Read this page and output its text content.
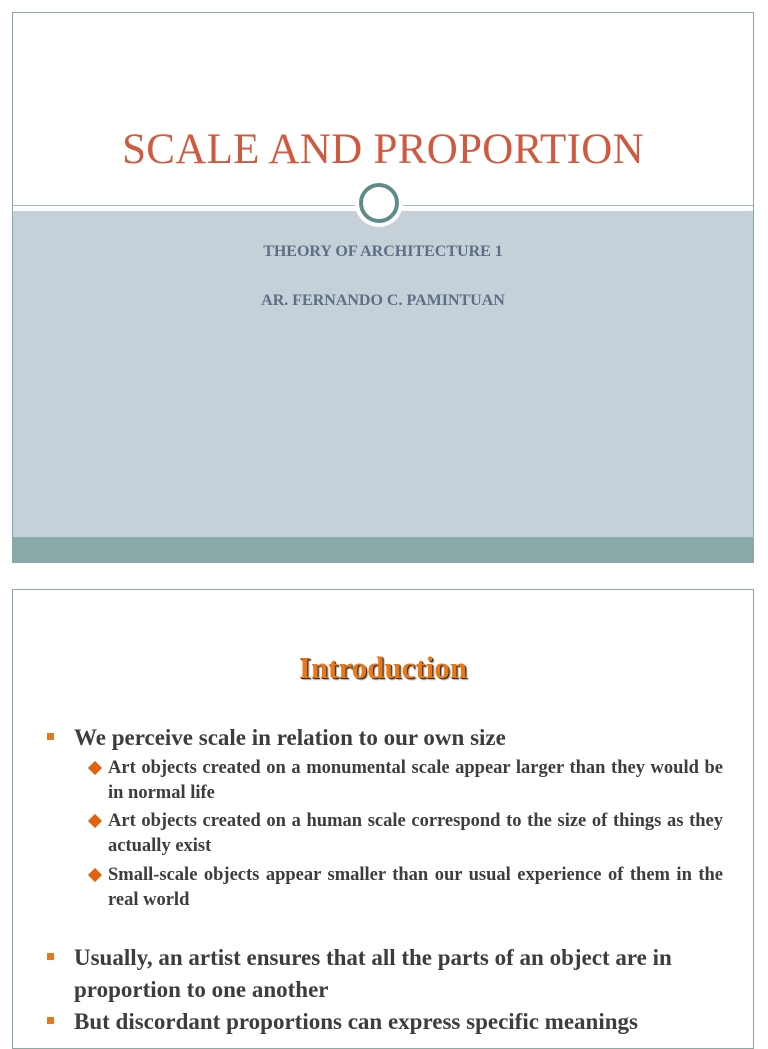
SCALE AND PROPORTION
THEORY OF ARCHITECTURE 1
AR. FERNANDO C. PAMINTUAN
Introduction
We perceive scale in relation to our own size
Art objects created on a monumental scale appear larger than they would be in normal life
Art objects created on a human scale correspond to the size of things as they actually exist
Small-scale objects appear smaller than our usual experience of them in the real world
Usually, an artist ensures that all the parts of an object are in proportion to one another
But discordant proportions can express specific meanings
